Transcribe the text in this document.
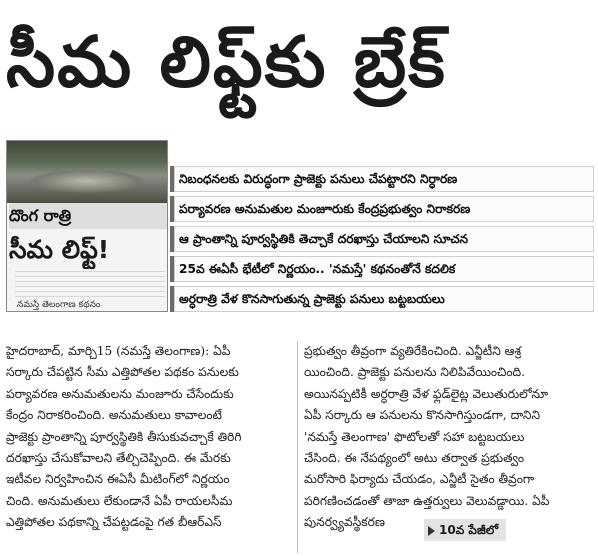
సీమ లిఫ్ట్‌కు బ్రేక్
దొంగ రాత్రి
సీమ లిఫ్ట్!
నమస్తే తెలంగాణ కథనం
నిబంధనలకు విరుద్ధంగా ప్రాజెక్టు పనులు చేపట్టారని నిర్ధారణ
పర్యావరణ అనుమతుల మంజూరుకు కేంద్రప్రభుత్వం నిరాకరణ
ఆ ప్రాంతాన్ని పూర్వస్థితికి తెచ్చాకే దరఖాస్తు చేయాలని సూచన
25వ ఈఏసీ భేటీలో నిర్ణయం.. 'నమస్తే' కథనంతోనే కదలిక
అర్ధరాత్రి వేళ కొనసాగుతున్న ప్రాజెక్టు పనులు బట్టబయలు
హైదరాబాద్, మార్చి15 (నమస్తే తెలంగాణ): ఏపీ
సర్కారు చేపట్టిన సీమ ఎత్తిపోతల పథకం పనులకు
పర్యావరణ అనుమతులను మంజూరు చేసేందుకు
కేంద్రం నిరాకరించింది. అనుమతులు కావాలంటే
ప్రాజెక్టు ప్రాంతాన్ని పూర్వస్థితికి తీసుకువచ్చాకే తిరిగి
దరఖాస్తు చేసుకోవాలని తేల్చిచెప్పింది. ఈ మేరకు
ఇటీవల నిర్వహించిన ఈఏసీ మీటింగ్‌లో నిర్ణయం
చింది. అనుమతులు లేకుండానే ఏపీ రాయలసీమ
ఎత్తిపోతల పథకాన్ని చేపట్టడంపై గత బీఆర్‌ఎస్
ప్రభుత్వం తీవ్రంగా వ్యతిరేకించింది. ఎన్జీటీని ఆశ్ర
యించింది. ప్రాజెక్టు పనులను నిలిపివేయించింది.
అయినప్పటికీ అర్ధరాత్రి వేళ ఫ్లడ్‌లైట్ల వెలుతురులోనూ
ఏపీ సర్కారు ఆ పనులను కొనసాగిస్తుండగా, దానిని
'నమస్తే తెలంగాణ' ఫొటోలతో సహా బట్టబయలు
చేసింది. ఈ నేపథ్యంలో అటు తర్వాత ప్రభుత్వం
మరోసారి ఫిర్యాదు చేయడం, ఎన్జీటీ సైతం తీవ్రంగా
పరిగణించడంతో తాజా ఉత్తర్వులు వెలువడ్డాయి. ఏపీ
పునర్వ్యవస్థీకరణ
10వ పేజీలో
